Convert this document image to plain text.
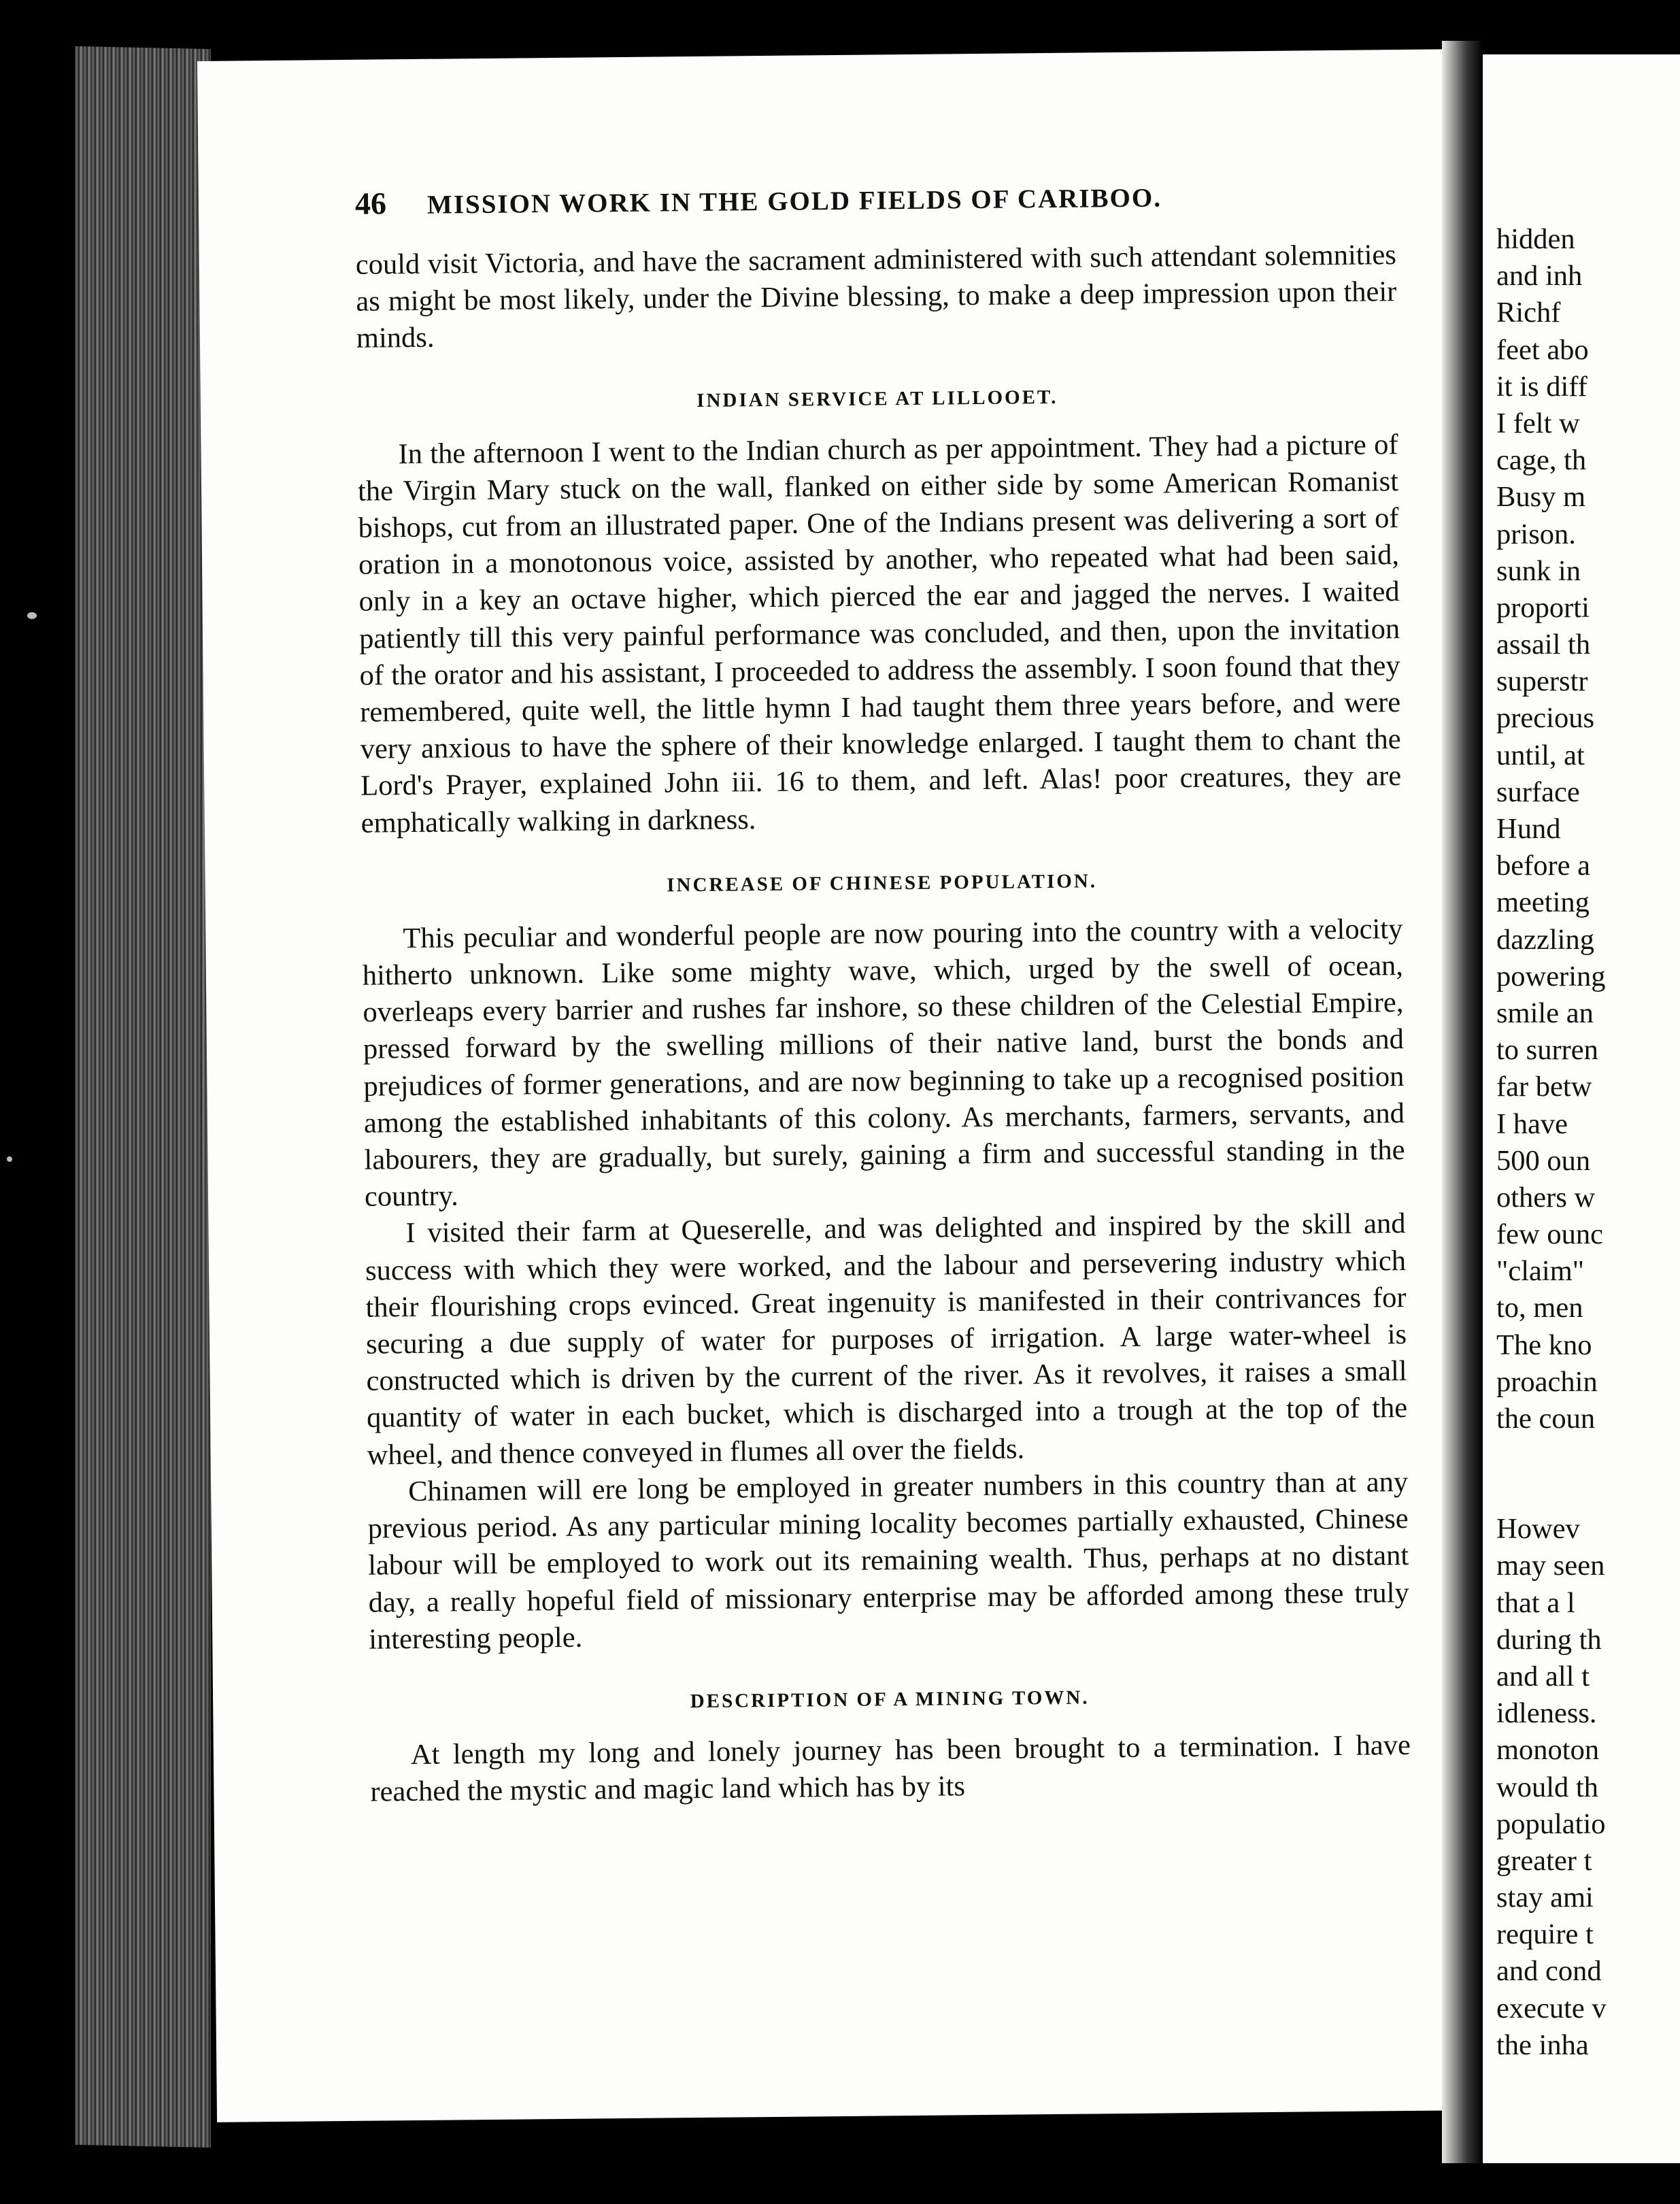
46 MISSION WORK IN THE GOLD FIELDS OF CARIBOO.

could visit Victoria, and have the sacrament administered with such attendant solemnities as might be most likely, under the Divine blessing, to make a deep impression upon their minds.

INDIAN SERVICE AT LILLOOET.

In the afternoon I went to the Indian church as per appointment. They had a picture of the Virgin Mary stuck on the wall, flanked on either side by some American Romanist bishops, cut from an illustrated paper. One of the Indians present was delivering a sort of oration in a monotonous voice, assisted by another, who repeated what had been said, only in a key an octave higher, which pierced the ear and jagged the nerves. I waited patiently till this very painful performance was concluded, and then, upon the invitation of the orator and his assistant, I proceeded to address the assembly. I soon found that they remembered, quite well, the little hymn I had taught them three years before, and were very anxious to have the sphere of their knowledge enlarged. I taught them to chant the Lord's Prayer, explained John iii. 16 to them, and left. Alas! poor creatures, they are emphatically walking in darkness.

INCREASE OF CHINESE POPULATION.

This peculiar and wonderful people are now pouring into the country with a velocity hitherto unknown. Like some mighty wave, which, urged by the swell of ocean, overleaps every barrier and rushes far inshore, so these children of the Celestial Empire, pressed forward by the swelling millions of their native land, burst the bonds and prejudices of former generations, and are now beginning to take up a recognised position among the established inhabitants of this colony. As merchants, farmers, servants, and labourers, they are gradually, but surely, gaining a firm and successful standing in the country.

I visited their farm at Queserelle, and was delighted and inspired by the skill and success with which they were worked, and the labour and persevering industry which their flourishing crops evinced. Great ingenuity is manifested in their contrivances for securing a due supply of water for purposes of irrigation. A large water-wheel is constructed which is driven by the current of the river. As it revolves, it raises a small quantity of water in each bucket, which is discharged into a trough at the top of the wheel, and thence conveyed in flumes all over the fields.

Chinamen will ere long be employed in greater numbers in this country than at any previous period. As any particular mining locality becomes partially exhausted, Chinese labour will be employed to work out its remaining wealth. Thus, perhaps at no distant day, a really hopeful field of missionary enterprise may be afforded among these truly interesting people.

DESCRIPTION OF A MINING TOWN.

At length my long and lonely journey has been brought to a termination. I have reached the mystic and magic land which has by its

hidden
and inh
Richf
feet abo
it is diff
I felt w
cage, th
Busy m
prison.
sunk in
proporti
assail th
superstr
precious
until, at
surface
Hund
before a
meeting
dazzling
powering
smile an
to surren
far betw
I have
500 oun
others w
few ounc
"claim"
to, men
The kno
proachin
the coun
Howev
may seen
that a l
during th
and all t
idleness.
monoton
would th
populatio
greater t
stay ami
require t
and cond
execute v
the inha
